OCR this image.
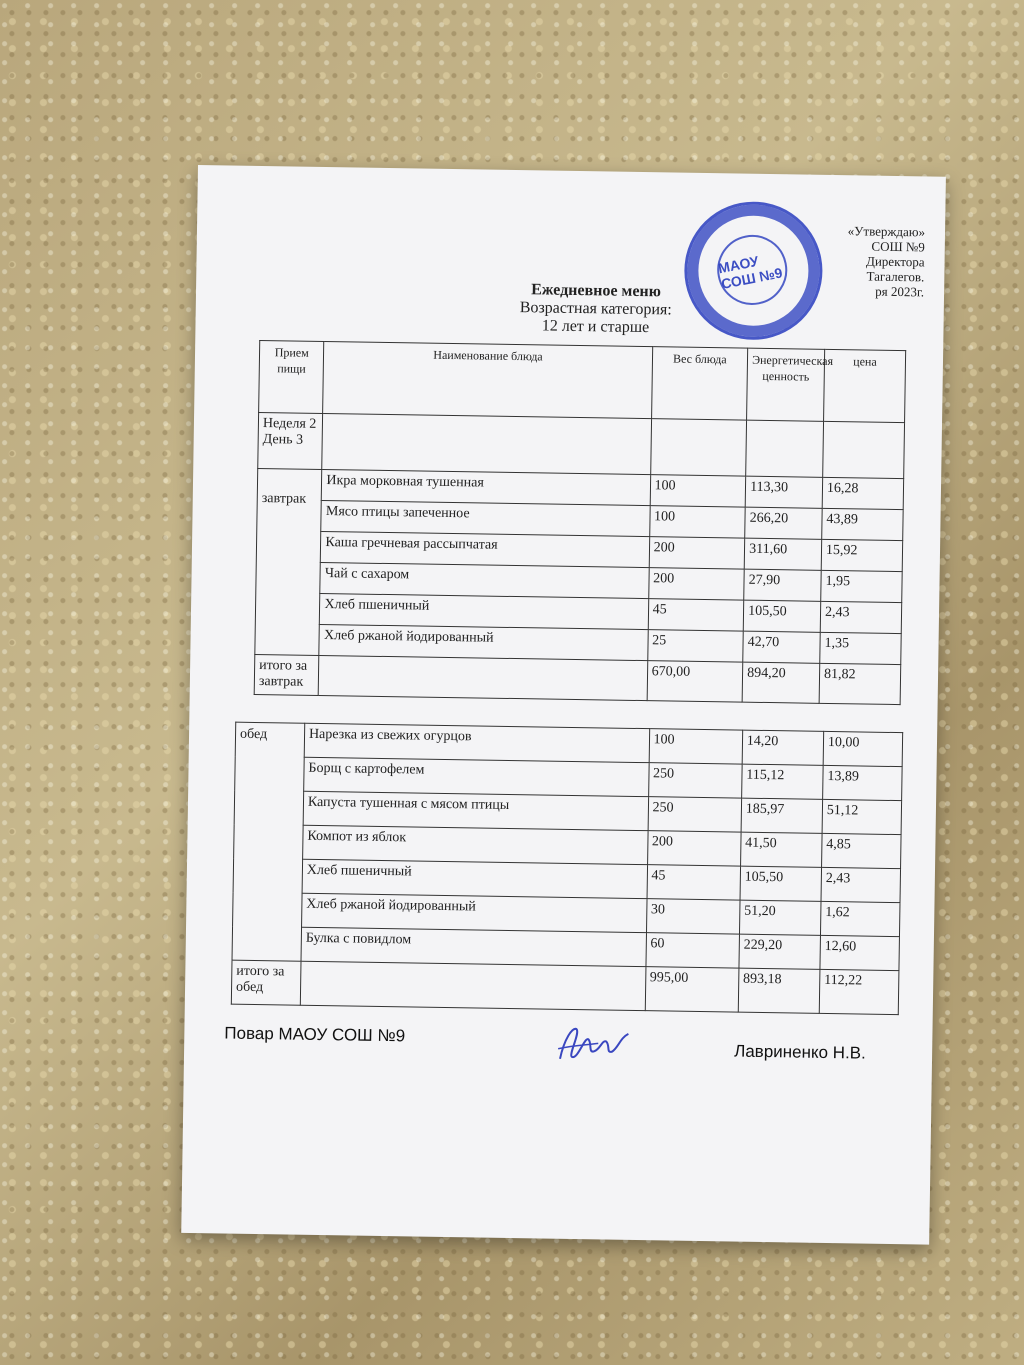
МАОУ СОШ №9
«Утверждаю»
СОШ №9
Директора
Тагалегов.
ря 2023г.
Ежедневное меню
Возрастная категория:
12 лет и старше
Прием пищи	Наименование блюда	Вес блюда	Энергетическая ценность	цена
Неделя 2 День 3				
завтрак	Икра морковная тушенная	100	113,30	16,28
	Мясо птицы запеченное	100	266,20	43,89
	Каша гречневая рассыпчатая	200	311,60	15,92
	Чай с сахаром	200	27,90	1,95
	Хлеб пшеничный	45	105,50	2,43
	Хлеб ржаной йодированный	25	42,70	1,35
итого за завтрак		670,00	894,20	81,82
обед	Нарезка из свежих огурцов	100	14,20	10,00
	Борщ с картофелем	250	115,12	13,89
	Капуста тушенная с мясом птицы	250	185,97	51,12
	Компот из яблок	200	41,50	4,85
	Хлеб пшеничный	45	105,50	2,43
	Хлеб ржаной йодированный	30	51,20	1,62
	Булка с повидлом	60	229,20	12,60
итого за обед		995,00	893,18	112,22
Повар МАОУ СОШ №9
Лавриненко Н.В.
